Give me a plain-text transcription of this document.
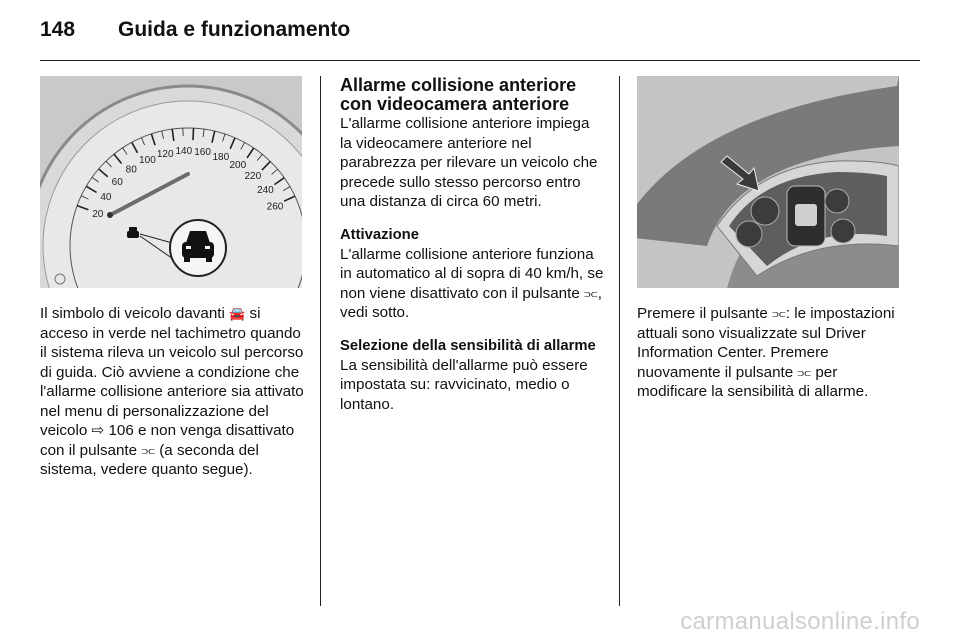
148 Guida e funzionamento
20
40
60
80
100
120 140 160 180
200
220
240
260

Il simbolo di veicolo davanti 🚘 si acceso in verde nel tachimetro quando il sistema rileva un veicolo sul percorso di guida. Ciò avviene a condizione che l'allarme collisione anteriore sia attivato nel menu di personalizzazione del veicolo ⇨ 106 e non venga disattivato con il pulsante ⫗ (a seconda del sistema, vedere quanto segue).

Allarme collisione anteriore con videocamera anteriore

L'allarme collisione anteriore impiega la videocamere anteriore nel parabrezza per rilevare un veicolo che precede sullo stesso percorso entro una distanza di circa 60 metri.

Attivazione

L'allarme collisione anteriore funziona in automatico al di sopra di 40 km/h, se non viene disattivato con il pulsante ⫗, vedi sotto.

Selezione della sensibilità di allarme

La sensibilità dell'allarme può essere impostata su: ravvicinato, medio o lontano.

Premere il pulsante ⫗: le impostazioni attuali sono visualizzate sul Driver Information Center. Premere nuovamente il pulsante ⫗ per modificare la sensibilità di allarme.

carmanualsonline.info
